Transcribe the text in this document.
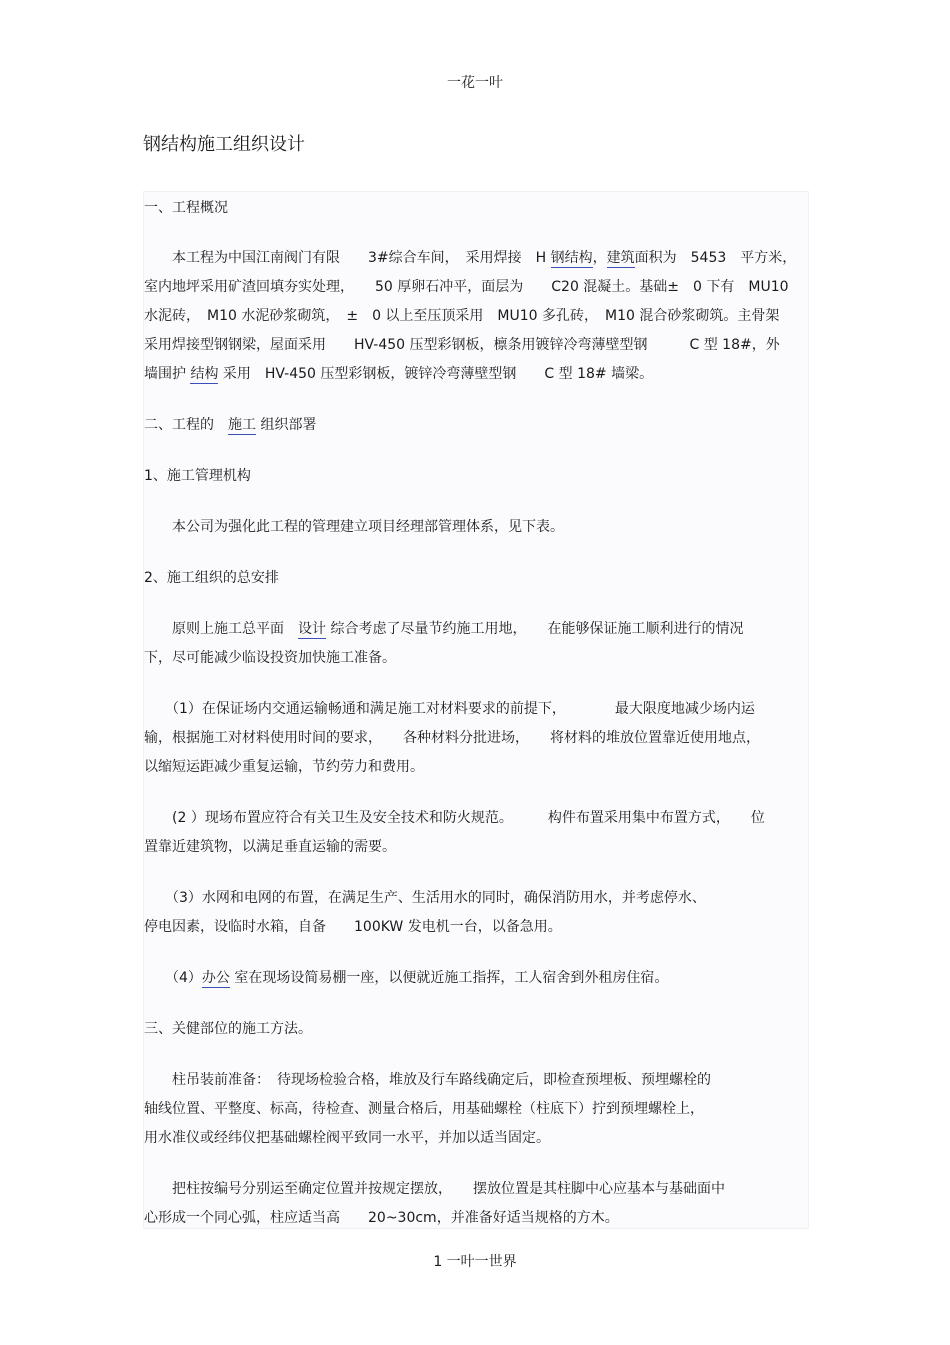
一花一叶
钢结构施工组织设计
一、工程概况
　　本工程为中国江南阀门有限　　3#综合车间，　采用焊接　H 钢结构，建筑面积为　5453　平方米，
室内地坪采用矿渣回填夯实处理，　　50 厚卵石冲平，面层为　　C20 混凝土。基础±　0 下有　MU10
水泥砖，　M10 水泥砂浆砌筑，　±　0 以上至压顶采用　MU10 多孔砖，　M10 混合砂浆砌筑。主骨架
采用焊接型钢钢梁，屋面采用　　HV-450 压型彩钢板，檩条用镀锌冷弯薄壁型钢　　　C 型 18#，外
墙围护 结构 采用　HV-450 压型彩钢板，镀锌冷弯薄壁型钢　　C 型 18# 墙梁。
二、工程的　施工 组织部署
1、施工管理机构
　　本公司为强化此工程的管理建立项目经理部管理体系，见下表。
2、施工组织的总安排
　　原则上施工总平面　设计 综合考虑了尽量节约施工用地，　　在能够保证施工顺利进行的情况
下，尽可能减少临设投资加快施工准备。
　　（1）在保证场内交通运输畅通和满足施工对材料要求的前提下，　　　　最大限度地减少场内运
输，根据施工对材料使用时间的要求，　　各种材料分批进场，　　将材料的堆放位置靠近使用地点，
以缩短运距减少重复运输，节约劳力和费用。
　　(2 ）现场布置应符合有关卫生及安全技术和防火规范。　　　构件布置采用集中布置方式，　　位
置靠近建筑物，以满足垂直运输的需要。
　　（3）水网和电网的布置，在满足生产、生活用水的同时，确保消防用水，并考虑停水、
停电因素，设临时水箱，自备　　100KW 发电机一台，以备急用。
　　（4）办公 室在现场设简易棚一座，以便就近施工指挥，工人宿舍到外租房住宿。
三、关健部位的施工方法。
　　柱吊装前准备：　待现场检验合格，堆放及行车路线确定后，即检查预埋板、预埋螺栓的
轴线位置、平整度、标高，待检查、测量合格后，用基础螺栓（柱底下）拧到预埋螺栓上，
用水准仪或经纬仪把基础螺栓阀平致同一水平，并加以适当固定。
　　把柱按编号分别运至确定位置并按规定摆放，　　摆放位置是其柱脚中心应基本与基础面中
心形成一个同心弧，柱应适当高　　20~30cm，并准备好适当规格的方木。
1 一叶一世界
